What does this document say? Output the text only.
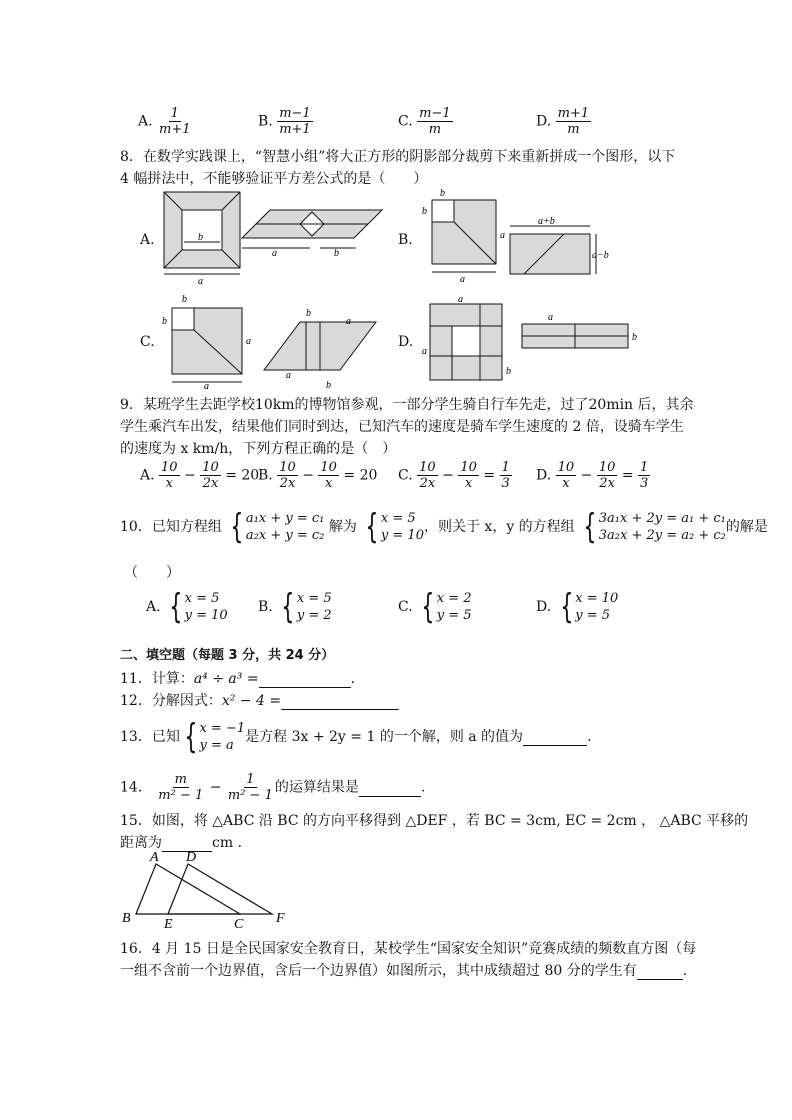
A. $\frac{1}{m+1}$	B. $\frac{m-1}{m+1}$	C. $\frac{m-1}{m}$	D. $\frac{m+1}{m}$
8．在数学实践课上，“智慧小组”将大正方形的阴影部分裁剪下来重新拼成一个图形，以下
4 幅拼法中，不能够验证平方差公式的是（　　）
A.	B.
C.	D.
b
a
a	b
b
b
a
a
a+b
a−b
b
b
a
a
b
a
a
b
a
a
b
a
b
9．某班学生去距学校10km的博物馆参观，一部分学生骑自行车先走，过了20min 后，其余
学生乘汽车出发，结果他们同时到达，已知汽车的速度是骑车学生速度的 2 倍，设骑车学生
的速度为 x km/h，下列方程正确的是（　）
A. $\frac{10}{x} - \frac{10}{2x} = 20$
B. $\frac{10}{2x} - \frac{10}{x} = 20$ C. $\frac{10}{2x} - \frac{10}{x} = \frac{1}{3} D$. $\frac{10}{x} - \frac{10}{2x} = \frac{1}{3}$
10．已知方程组 { a₁x + y = c₁
a₂x + y = c₂
解为 { x = 5
y = 10
，则关于 x，y 的方程组 { 3a₁x + 2y = a₁ + c₁
3a₂x + 2y = a₂ + c₂
的解是
（　　）
A. { x = 5
y = 10
B. { x = 5
y = 2
C. { x = 2
y = 5
D. { x = 10
y = 5
二、填空题（每题 3 分，共 24 分）
11．计算：a⁴ ÷ a³ =	.
12．分解因式：x² − 4 =
13．已知 { x = −1
y = a
是方程 3x + 2y = 1 的一个解，则 a 的值为	.
14． $\frac{m}{\text{m² − 1}} - \frac{1}{\text{m² − 1}}$ 的运算结果是	.
15．如图，将 △ABC 沿 BC 的方向平移得到 △DEF ，若 BC = 3cm, EC = 2cm ， △ABC 平移的
距离为	cm .
A D
B E	C F
16．4 月 15 日是全民国家安全教育日，某校学生“国家安全知识”竞赛成绩的频数直方图（每
一组不含前一个边界值，含后一个边界值）如图所示，其中成绩超过 80 分的学生有	.
